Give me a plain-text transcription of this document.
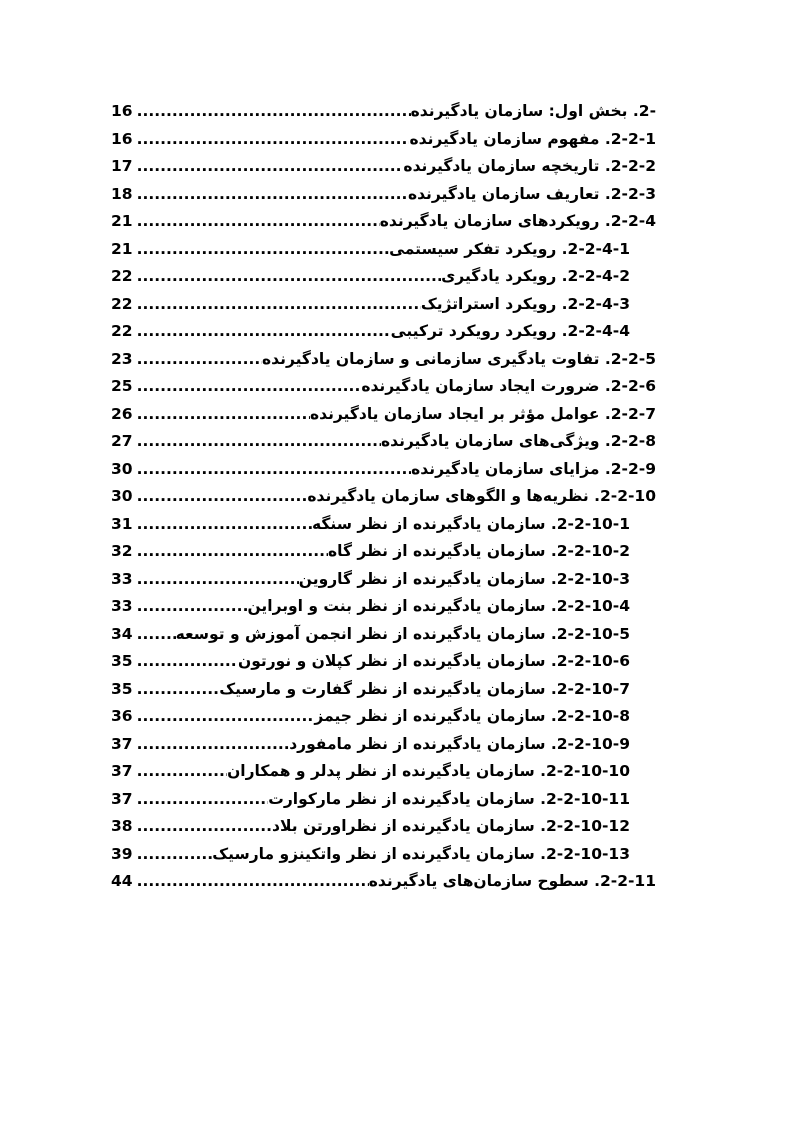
-2. بخش اول: سازمان یادگیرنده
.....
16
2-2-1. مفهوم سازمان یادگیرنده
.....
16
2-2-2. تاریخچه سازمان یادگیرنده
.....
17
2-2-3. تعاریف سازمان یادگیرنده
.....
18
2-2-4. رویکردهای سازمان یادگیرنده
.....
21
2-2-4-1. رویکرد تفکر سیستمی
.....
21
2-2-4-2. رویکرد یادگیری
.....
22
2-2-4-3. رویکرد استراتژیک
.....
22
2-2-4-4. رویکرد رویکرد ترکیبی
.....
22
2-2-5. تفاوت یادگیری سازمانی و سازمان یادگیرنده
.....
23
2-2-6. ضرورت ایجاد سازمان یادگیرنده
.....
25
2-2-7. عوامل مؤثر بر ایجاد سازمان یادگیرنده
.....
26
2-2-8. ویژگی‌های سازمان یادگیرنده
.....
27
2-2-9. مزایای سازمان یادگیرنده
.....
30
2-2-10. نظریه‌ها و الگوهای سازمان یادگیرنده
.....
30
2-2-10-1. سازمان یادگیرنده از نظر سنگه
.....
31
2-2-10-2. سازمان یادگیرنده از نظر گاه
.....
32
2-2-10-3. سازمان یادگیرنده از نظر گاروین
.....
33
2-2-10-4. سازمان یادگیرنده از نظر بنت و اوبراین
.....
33
2-2-10-5. سازمان یادگیرنده از نظر انجمن آموزش و توسعه
.....
34
2-2-10-6. سازمان یادگیرنده از نظر کپلان و نورتون
.....
35
2-2-10-7. سازمان یادگیرنده از نظر گفارت و مارسیک
.....
35
2-2-10-8. سازمان یادگیرنده از نظر جیمز
.....
36
2-2-10-9. سازمان یادگیرنده از نظر مامفورد
.....
37
2-2-10-10. سازمان یادگیرنده از نظر پدلر و همکاران
.....
37
2-2-10-11. سازمان یادگیرنده از نظر مارکوارت
.....
37
2-2-10-12. سازمان یادگیرنده از نظراورتن بلاد
.....
38
2-2-10-13. سازمان یادگیرنده از نظر واتکینزو مارسیک
.....
39
2-2-11. سطوح سازمان‌های یادگیرنده
.....
44
